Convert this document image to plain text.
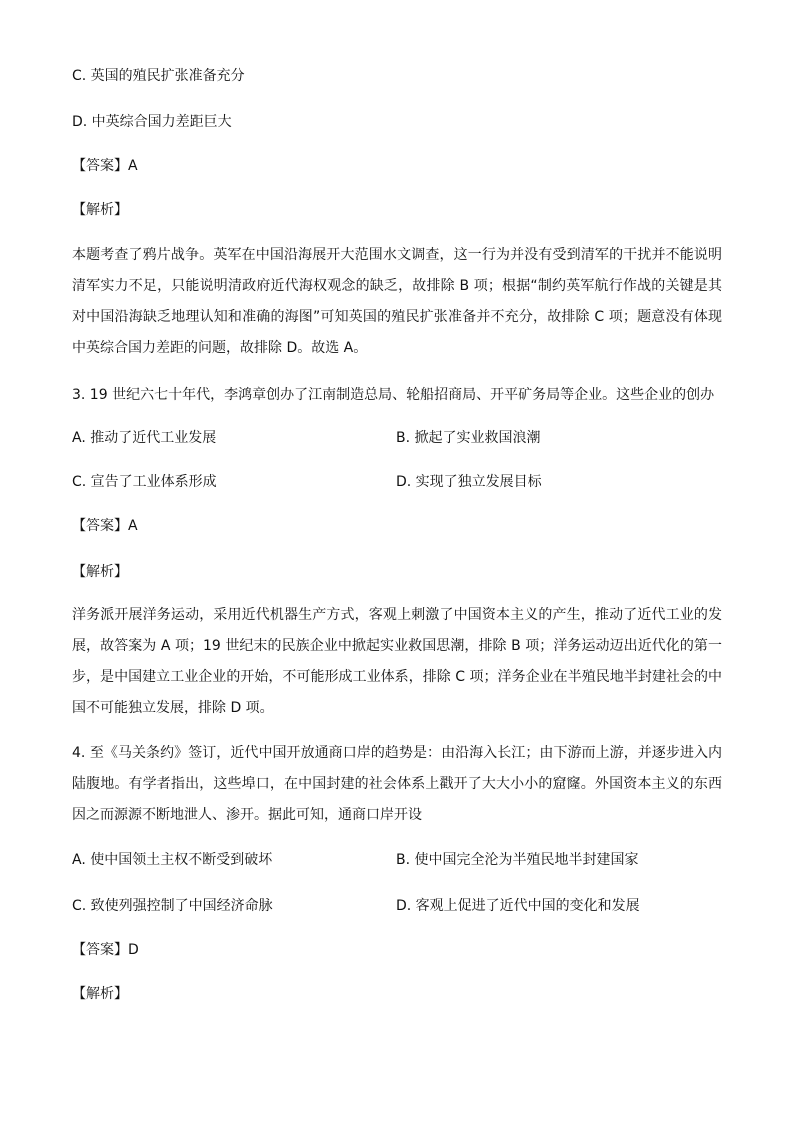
C. 英国的殖民扩张准备充分
D. 中英综合国力差距巨大
【答案】A
【解析】
本题考查了鸦片战争。英军在中国沿海展开大范围水文调查，这一行为并没有受到清军的干扰并不能说明清军实力不足，只能说明清政府近代海权观念的缺乏，故排除 B 项；根据“制约英军航行作战的关键是其对中国沿海缺乏地理认知和准确的海图”可知英国的殖民扩张准备并不充分，故排除 C 项；题意没有体现中英综合国力差距的问题，故排除 D。故选 A。
3. 19 世纪六七十年代，李鸿章创办了江南制造总局、轮船招商局、开平矿务局等企业。这些企业的创办
A. 推动了近代工业发展	B. 掀起了实业救国浪潮
C. 宣告了工业体系形成	D. 实现了独立发展目标
【答案】A
【解析】
洋务派开展洋务运动，采用近代机器生产方式，客观上刺激了中国资本主义的产生，推动了近代工业的发展，故答案为 A 项；19 世纪末的民族企业中掀起实业救国思潮，排除 B 项；洋务运动迈出近代化的第一步，是中国建立工业企业的开始，不可能形成工业体系，排除 C 项；洋务企业在半殖民地半封建社会的中国不可能独立发展，排除 D 项。
4. 至《马关条约》签订，近代中国开放通商口岸的趋势是：由沿海入长江；由下游而上游，并逐步进入内陆腹地。有学者指出，这些埠口，在中国封建的社会体系上戳开了大大小小的窟窿。外国资本主义的东西因之而源源不断地泄人、渗开。据此可知，通商口岸开设
A. 使中国领土主权不断受到破坏	B. 使中国完全沦为半殖民地半封建国家
C. 致使列强控制了中国经济命脉	D. 客观上促进了近代中国的变化和发展
【答案】D
【解析】
